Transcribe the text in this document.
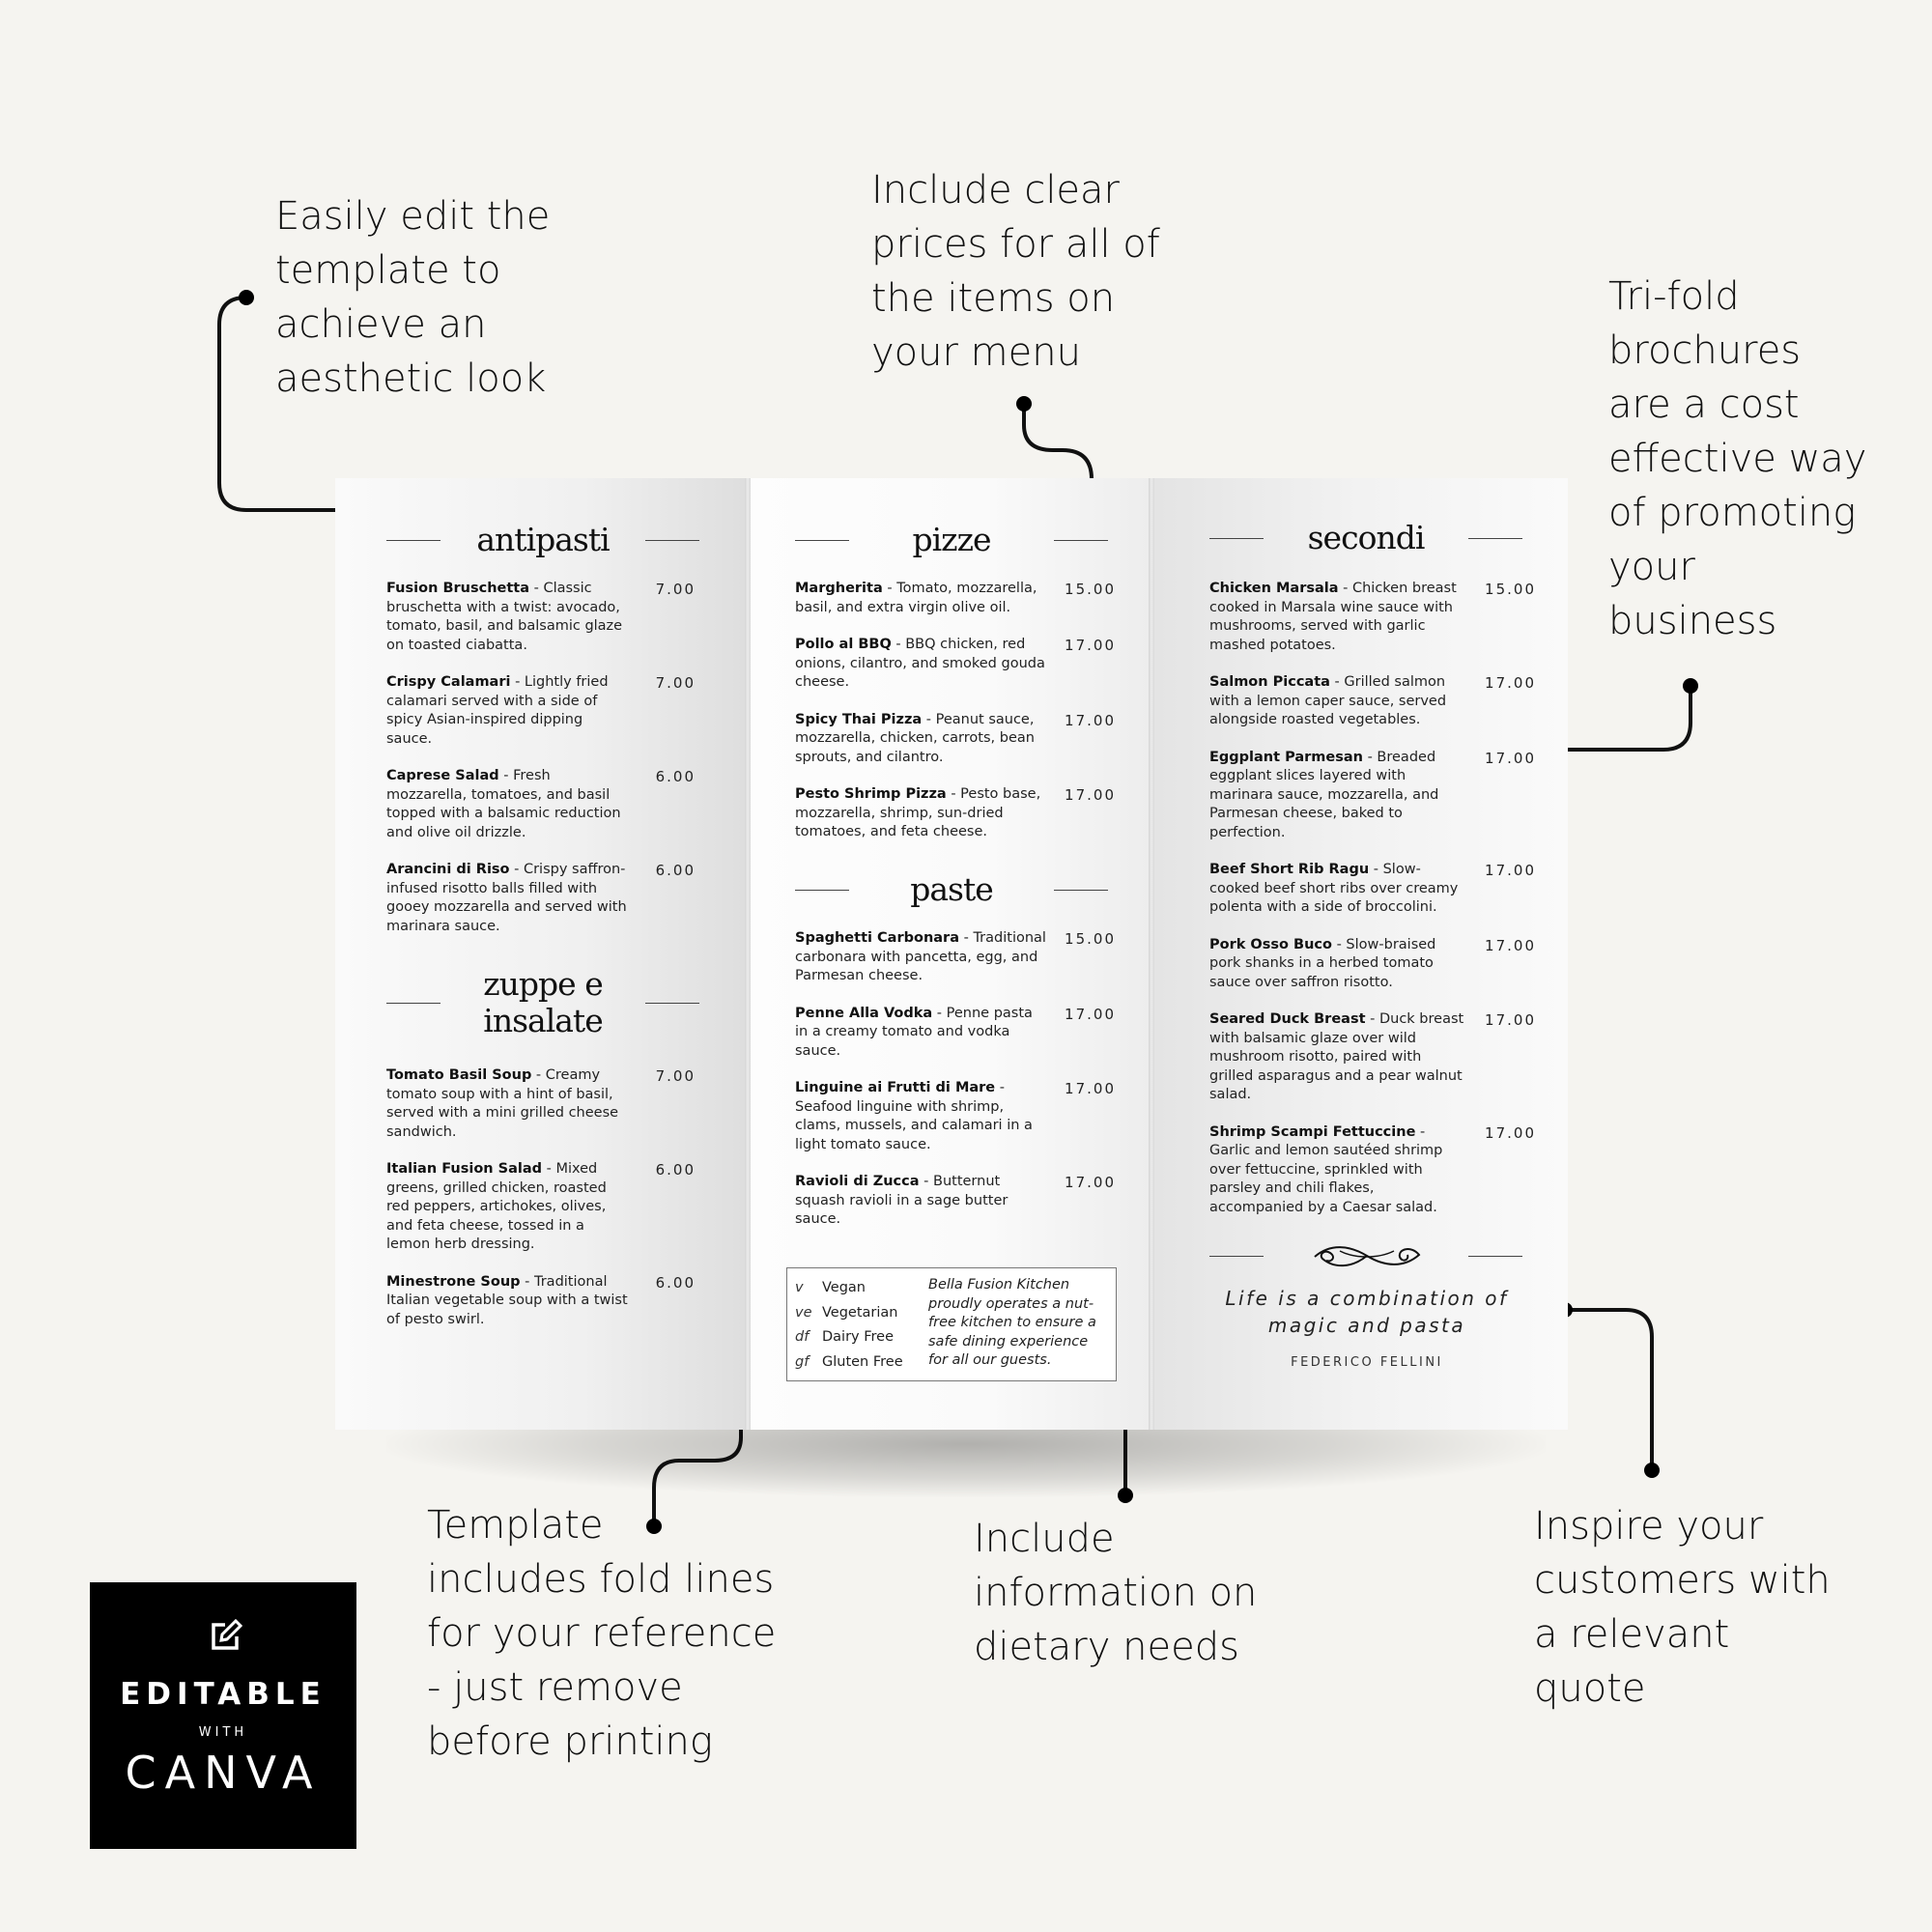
Easily edit the
template to
achieve an
aesthetic look
Include clear
prices for all of
the items on
your menu
Tri-fold
brochures
are a cost
effective way
of promoting
your
business
Template
includes fold lines
for your reference
- just remove
before printing
Include
information on
dietary needs
Inspire your
customers with
a relevant
quote
antipasti
Fusion Bruschetta - Classic bruschetta with a twist: avocado, tomato, basil, and balsamic glaze on toasted ciabatta.
7.00
Crispy Calamari - Lightly fried calamari served with a side of spicy Asian-inspired dipping sauce.
7.00
Caprese Salad - Fresh mozzarella, tomatoes, and basil topped with a balsamic reduction and olive oil drizzle.
6.00
Arancini di Riso - Crispy saffron-infused risotto balls filled with gooey mozzarella and served with marinara sauce.
6.00
zuppe e
insalate
Tomato Basil Soup - Creamy tomato soup with a hint of basil, served with a mini grilled cheese sandwich.
7.00
Italian Fusion Salad - Mixed greens, grilled chicken, roasted red peppers, artichokes, olives, and feta cheese, tossed in a lemon herb dressing.
6.00
Minestrone Soup - Traditional Italian vegetable soup with a twist of pesto swirl.
6.00
pizze
Margherita - Tomato, mozzarella, basil, and extra virgin olive oil.
15.00
Pollo al BBQ - BBQ chicken, red onions, cilantro, and smoked gouda cheese.
17.00
Spicy Thai Pizza - Peanut sauce, mozzarella, chicken, carrots, bean sprouts, and cilantro.
17.00
Pesto Shrimp Pizza - Pesto base, mozzarella, shrimp, sun-dried tomatoes, and feta cheese.
17.00
paste
Spaghetti Carbonara - Traditional carbonara with pancetta, egg, and Parmesan cheese.
15.00
Penne Alla Vodka - Penne pasta in a creamy tomato and vodka sauce.
17.00
Linguine ai Frutti di Mare - Seafood linguine with shrimp, clams, mussels, and calamari in a light tomato sauce.
17.00
Ravioli di Zucca - Butternut squash ravioli in a sage butter sauce.
17.00
v Vegan
ve Vegetarian
df Dairy Free
gf Gluten Free
Bella Fusion Kitchen proudly operates a nut-free kitchen to ensure a safe dining experience for all our guests.
secondi
Chicken Marsala - Chicken breast cooked in Marsala wine sauce with mushrooms, served with garlic mashed potatoes.
15.00
Salmon Piccata - Grilled salmon with a lemon caper sauce, served alongside roasted vegetables.
17.00
Eggplant Parmesan - Breaded eggplant slices layered with marinara sauce, mozzarella, and Parmesan cheese, baked to perfection.
17.00
Beef Short Rib Ragu - Slow-cooked beef short ribs over creamy polenta with a side of broccolini.
17.00
Pork Osso Buco - Slow-braised pork shanks in a herbed tomato sauce over saffron risotto.
17.00
Seared Duck Breast - Duck breast with balsamic glaze over wild mushroom risotto, paired with grilled asparagus and a pear walnut salad.
17.00
Shrimp Scampi Fettuccine - Garlic and lemon sautéed shrimp over fettuccine, sprinkled with parsley and chili flakes, accompanied by a Caesar salad.
17.00
Life is a combination of
magic and pasta
FEDERICO FELLINI
EDITABLE
WITH
CANVA
